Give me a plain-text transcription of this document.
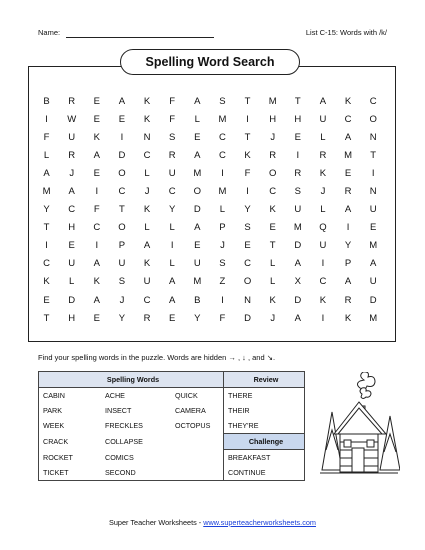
Name:	List C-15: Words with /k/
Spelling Word Search
B	R	E	A	K	F	A	S	T	M	T	A	K	C
I	W	E	E	K	F	L	M	I	H	H	U	C	O
F	U	K	I	N	S	E	C	T	J	E	L	A	N
L	R	A	D	C	R	A	C	K	R	I	R	M	T
A	J	E	O	L	U	M	I	F	O	R	K	E	I
M	A	I	C	J	C	O	M	I	C	S	J	R	N
Y	C	F	T	K	Y	D	L	Y	K	U	L	A	U
T	H	C	O	L	L	A	P	S	E	M	Q	I	E
I	E	I	P	A	I	E	J	E	T	D	U	Y	M
C	U	A	U	K	L	U	S	C	L	A	I	P	A
K	L	K	S	U	A	M	Z	O	L	X	C	A	U
E	D	A	J	C	A	B	I	N	K	D	K	R	D
T	H	E	Y	R	E	Y	F	D	J	A	I	K	M
Find your spelling words in the puzzle. Words are hidden → , ↓ , and ↘.
Spelling Words			Review
CABIN	ACHE	QUICK	THERE
PARK	INSECT	CAMERA	THEIR
WEEK	FRECKLES	OCTOPUS	THEY'RE
CRACK	COLLAPSE		Challenge
ROCKET	COMICS		BREAKFAST
TICKET	SECOND		CONTINUE
Super Teacher Worksheets - www.superteacherworksheets.com
